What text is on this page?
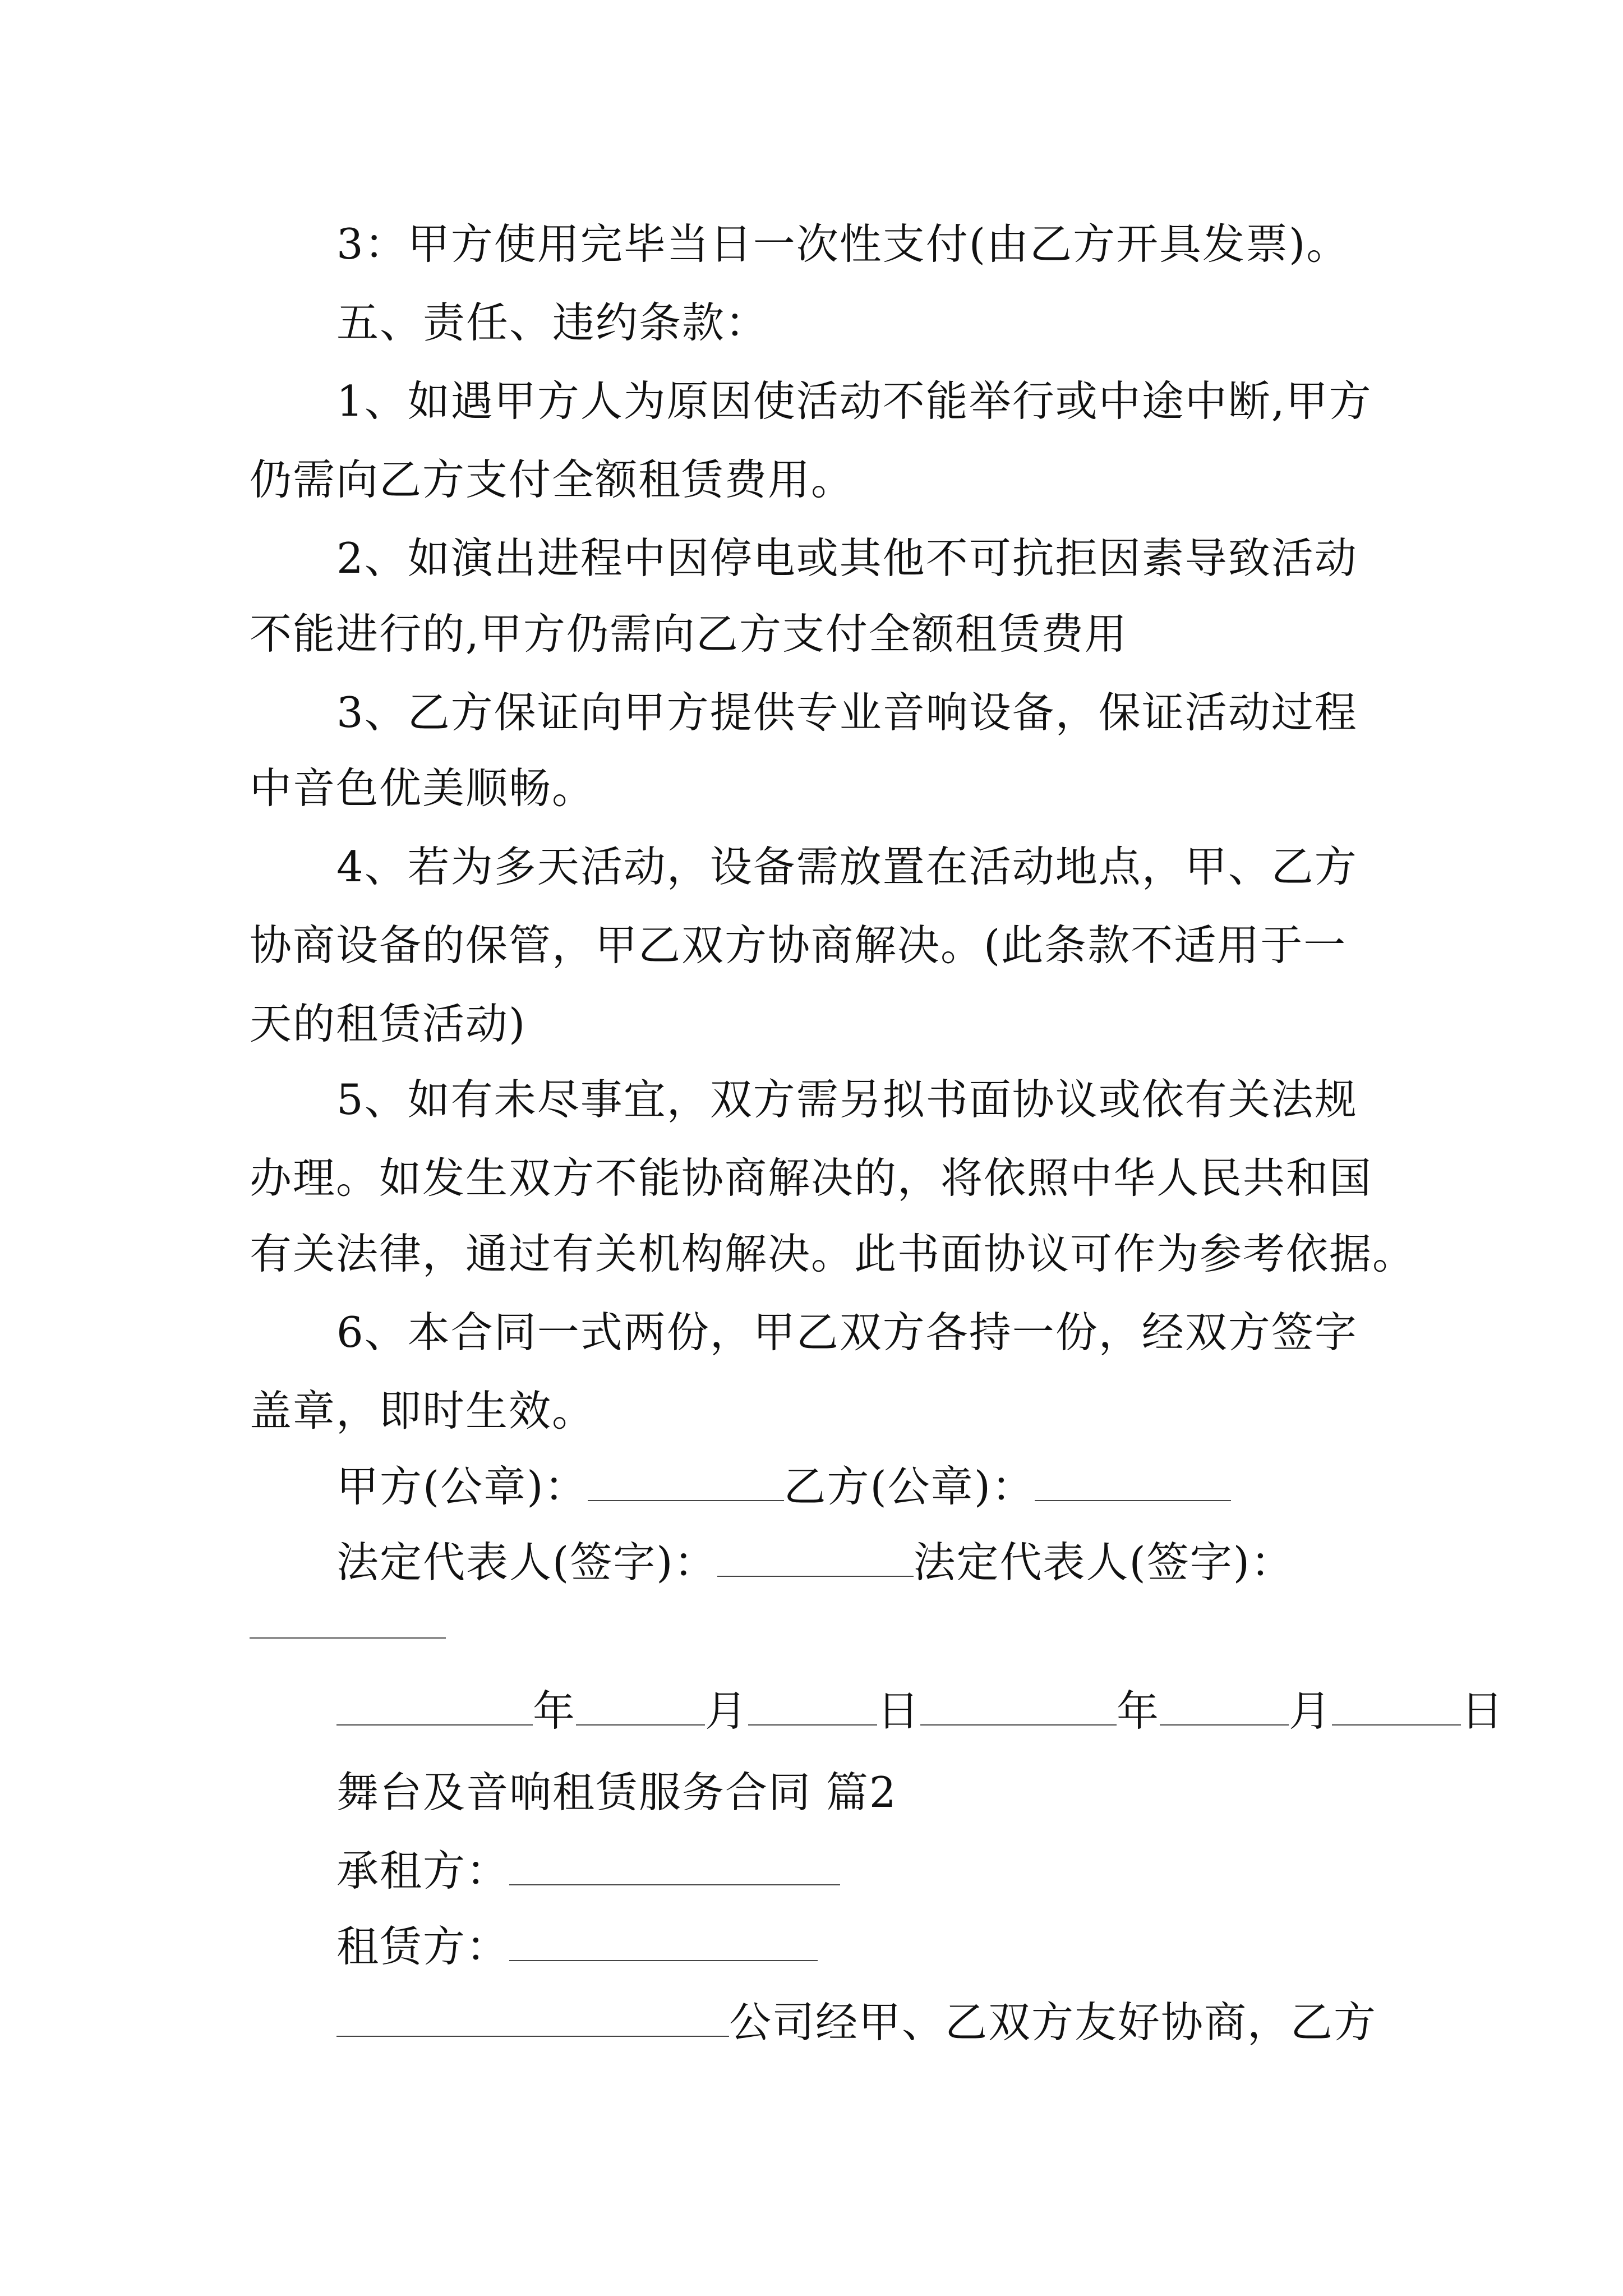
3：甲方使用完毕当日一次性支付(由乙方开具发票)。
五、责任、违约条款：
1、如遇甲方人为原因使活动不能举行或中途中断,甲方
仍需向乙方支付全额租赁费用。
2、如演出进程中因停电或其他不可抗拒因素导致活动
不能进行的,甲方仍需向乙方支付全额租赁费用
3、乙方保证向甲方提供专业音响设备，保证活动过程
中音色优美顺畅。
4、若为多天活动，设备需放置在活动地点，甲、乙方
协商设备的保管，甲乙双方协商解决。(此条款不适用于一
天的租赁活动)
5、如有未尽事宜，双方需另拟书面协议或依有关法规
办理。如发生双方不能协商解决的，将依照中华人民共和国
有关法律，通过有关机构解决。此书面协议可作为参考依据。
6、本合同一式两份，甲乙双方各持一份，经双方签字
盖章，即时生效。
甲方(公章)：	乙方(公章)：
法定代表人(签字)：	法定代表人(签字)：
年	月	日	年	月	日
舞台及音响租赁服务合同 篇2
承租方：
租赁方：
公司经甲、乙双方友好协商，乙方
